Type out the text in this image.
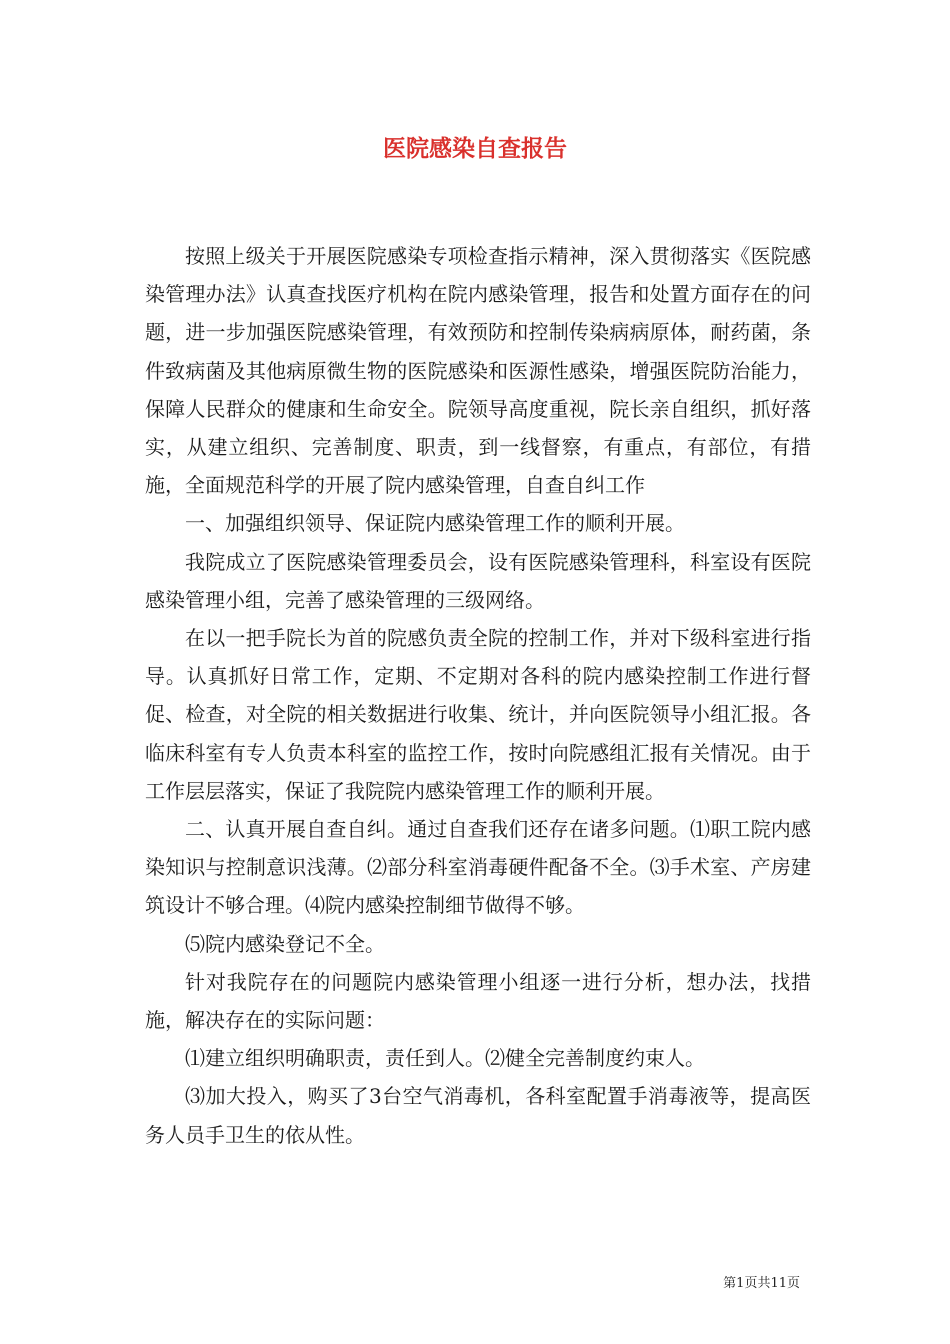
医院感染自查报告

按照上级关于开展医院感染专项检查指示精神，深入贯彻落实《医院感染管理办法》认真查找医疗机构在院内感染管理，报告和处置方面存在的问题，进一步加强医院感染管理，有效预防和控制传染病病原体，耐药菌，条件致病菌及其他病原微生物的医院感染和医源性感染，增强医院防治能力，保障人民群众的健康和生命安全。院领导高度重视，院长亲自组织，抓好落实，从建立组织、完善制度、职责，到一线督察，有重点，有部位，有措施，全面规范科学的开展了院内感染管理，自查自纠工作

一、加强组织领导、保证院内感染管理工作的顺利开展。

我院成立了医院感染管理委员会，设有医院感染管理科，科室设有医院感染管理小组，完善了感染管理的三级网络。

在以一把手院长为首的院感负责全院的控制工作，并对下级科室进行指导。认真抓好日常工作，定期、不定期对各科的院内感染控制工作进行督促、检查，对全院的相关数据进行收集、统计，并向医院领导小组汇报。各临床科室有专人负责本科室的监控工作，按时向院感组汇报有关情况。由于工作层层落实，保证了我院院内感染管理工作的顺利开展。

二、认真开展自查自纠。通过自查我们还存在诸多问题。⑴职工院内感染知识与控制意识浅薄。⑵部分科室消毒硬件配备不全。⑶手术室、产房建筑设计不够合理。⑷院内感染控制细节做得不够。

⑸院内感染登记不全。

针对我院存在的问题院内感染管理小组逐一进行分析，想办法，找措施，解决存在的实际问题：

⑴建立组织明确职责，责任到人。⑵健全完善制度约束人。

⑶加大投入，购买了3台空气消毒机，各科室配置手消毒液等，提高医务人员手卫生的依从性。

第1页共11页
